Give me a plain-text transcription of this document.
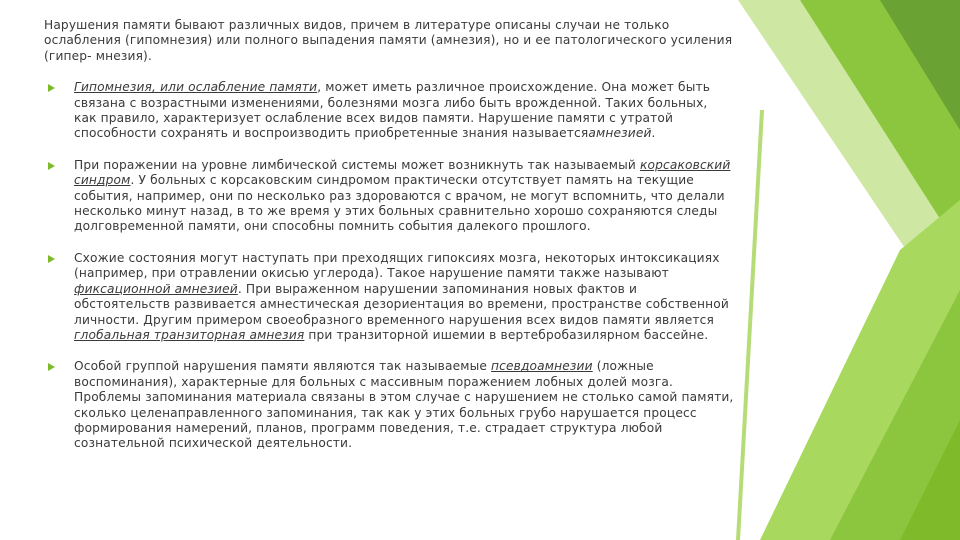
Нарушения памяти бывают различных видов, причем в литературе описаны случаи не только ослабления (гипомнезия) или полного выпадения памяти (амнезия), но и ее патологического усиления (гипер- мнезия).

Гипомнезия, или ослабление памяти, может иметь различное происхождение. Она может быть связана с возрастными изменениями, болезнями мозга либо быть врожденной. Таких больных, как правило, характеризует ослабление всех видов памяти. Нарушение памяти с утратой способности сохранять и воспроизводить приобретенные знания называетсяамнезией.
При поражении на уровне лимбической системы может возникнуть так называемый корсаковский синдром. У больных с корсаковским синдромом практически отсутствует память на текущие события, например, они по несколько раз здороваются с врачом, не могут вспомнить, что делали несколько минут назад, в то же время у этих больных сравнительно хорошо сохраняются следы долговременной памяти, они способны помнить события далекого прошлого.
Схожие состояния могут наступать при преходящих гипоксиях мозга, некоторых интоксикациях (например, при отравлении окисью углерода). Такое нарушение памяти также называют фиксационной амнезией. При выраженном нарушении запоминания новых фактов и обстоятельств развивается амнестическая дезориентация во времени, пространстве собственной личности. Другим примером своеобразного временного нарушения всех видов памяти является глобальная транзиторная амнезия при транзиторной ишемии в вертебробазилярном бассейне.
Особой группой нарушения памяти являются так называемые псевдоамнезии (ложные воспоминания), характерные для больных с массивным поражением лобных долей мозга. Проблемы запоминания материала связаны в этом случае с нарушением не столько самой памяти, сколько целенаправленного запоминания, так как у этих больных грубо нарушается процесс формирования намерений, планов, программ поведения, т.е. страдает структура любой сознательной психической деятельности.
